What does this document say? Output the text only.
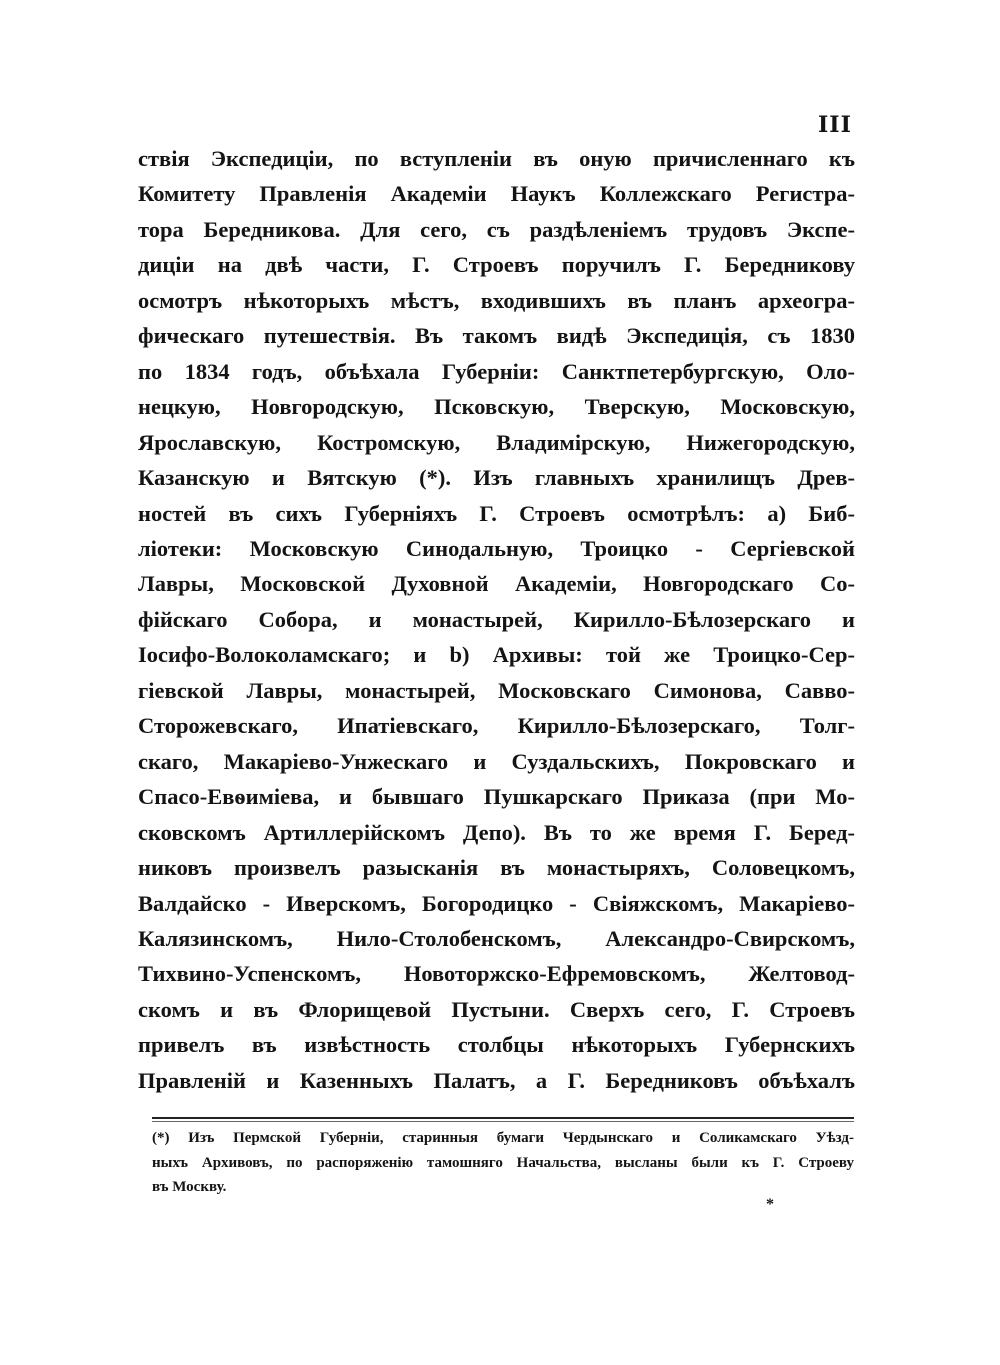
III
ствія Экспедиціи, по вступленіи въ оную причисленнаго къ
Комитету Правленія Академіи Наукъ Коллежскаго Регистра-
тора Бередникова. Для сего, съ раздѣленіемъ трудовъ Экспе-
диціи на двѣ части, Г. Строевъ поручилъ Г. Бередникову
осмотръ нѣкоторыхъ мѣстъ, входившихъ въ планъ археогра-
фическаго путешествія. Въ такомъ видѣ Экспедиція, съ 1830
по 1834 годъ, объѣхала Губерніи: Санктпетербургскую, Оло-
нецкую, Новгородскую, Псковскую, Тверскую, Московскую,
Ярославскую, Костромскую, Владимірскую, Нижегородскую,
Казанскую и Вятскую (*). Изъ главныхъ хранилищъ Древ-
ностей въ сихъ Губерніяхъ Г. Строевъ осмотрѣлъ: а) Биб-
ліотеки: Московскую Синодальную, Троицко - Сергіевской
Лавры, Московской Духовной Академіи, Новгородскаго Со-
фійскаго Собора, и монастырей, Кирилло-Бѣлозерскаго и
Іосифо-Волоколамскаго; и b) Архивы: той же Троицко-Сер-
гіевской Лавры, монастырей, Московскаго Симонова, Савво-
Сторожевскаго, Ипатіевскаго, Кирилло-Бѣлозерскаго, Толг-
скаго, Макаріево-Унжескаго и Суздальскихъ, Покровскаго и
Спасо-Евѳиміева, и бывшаго Пушкарскаго Приказа (при Мо-
сковскомъ Артиллерійскомъ Депо). Въ то же время Г. Беред-
никовъ произвелъ разысканія въ монастыряхъ, Соловецкомъ,
Валдайско - Иверскомъ, Богородицко - Свіяжскомъ, Макаріево-
Калязинскомъ, Нило-Столобенскомъ, Александро-Свирскомъ,
Тихвино-Успенскомъ, Новоторжско-Ефремовскомъ, Желтовод-
скомъ и въ Флорищевой Пустыни. Сверхъ сего, Г. Строевъ
привелъ въ извѣстность столбцы нѣкоторыхъ Губернскихъ
Правленій и Казенныхъ Палатъ, а Г. Бередниковъ объѣхалъ
(*) Изъ Пермской Губерніи, старинныя бумаги Чердынскаго и Соликамскаго Уѣзд-
ныхъ Архивовъ, по распоряженію тамошняго Начальства, высланы были къ Г. Строеву
въ Москву.
*
